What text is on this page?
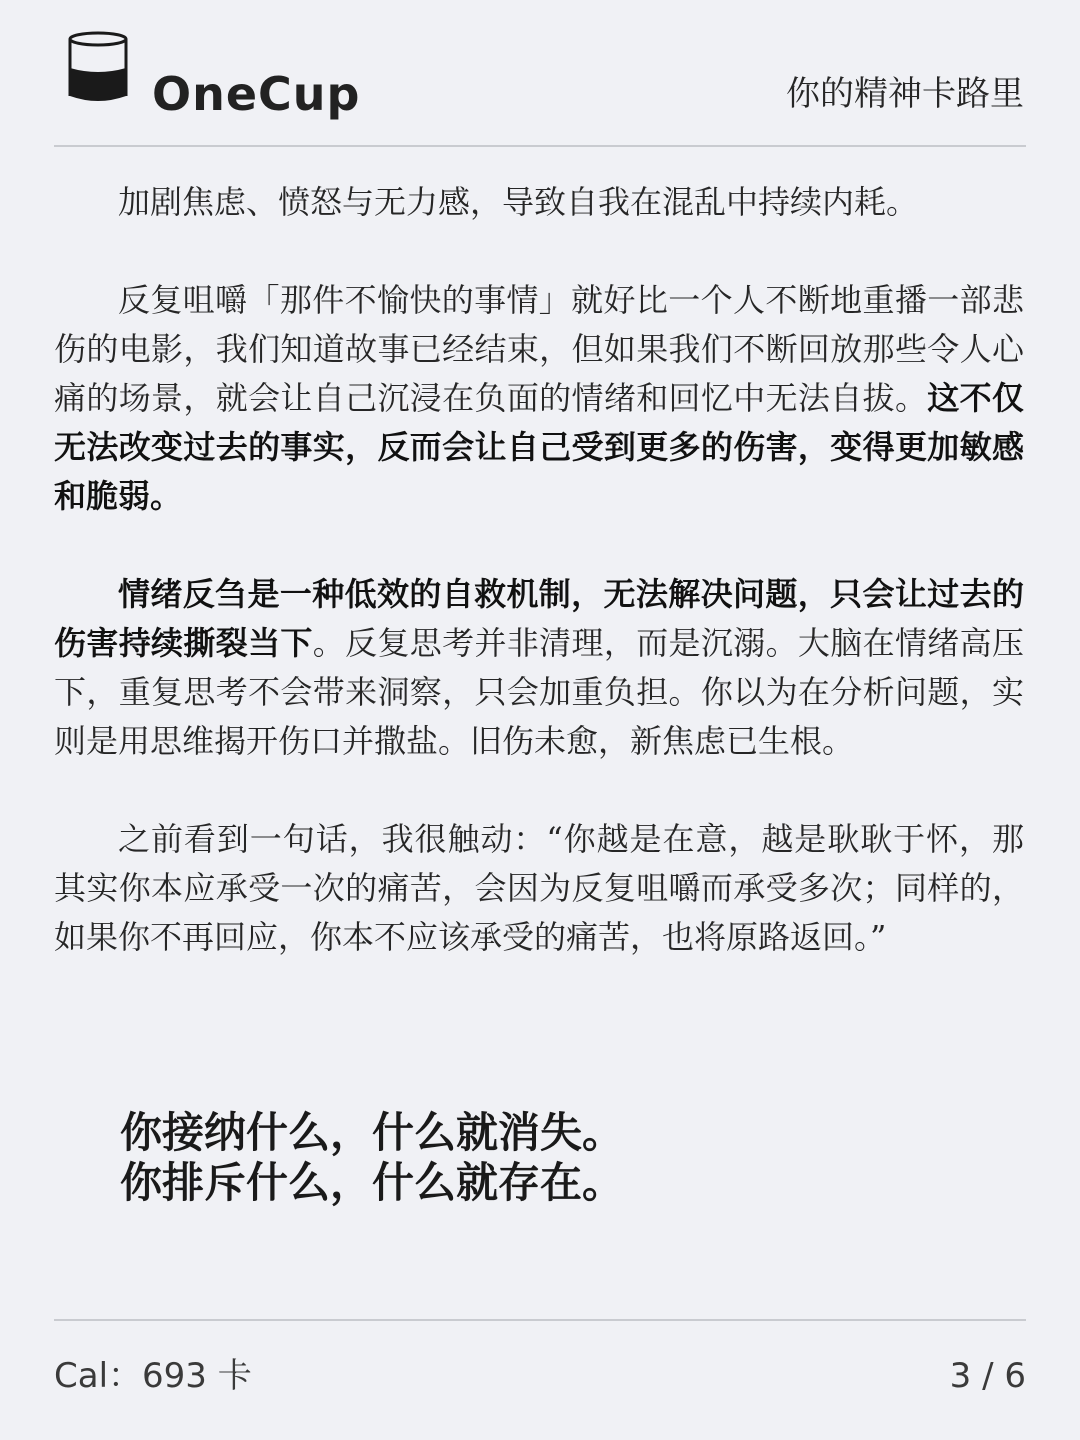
OneCup	你的精神卡路里

加剧焦虑、愤怒与无力感，导致自我在混乱中持续内耗。

反复咀嚼「那件不愉快的事情」就好比一个人不断地重播一部悲伤的电影，我们知道故事已经结束，但如果我们不断回放那些令人心痛的场景，就会让自己沉浸在负面的情绪和回忆中无法自拔。这不仅无法改变过去的事实，反而会让自己受到更多的伤害，变得更加敏感和脆弱。

情绪反刍是一种低效的自救机制，无法解决问题，只会让过去的伤害持续撕裂当下。反复思考并非清理，而是沉溺。大脑在情绪高压下，重复思考不会带来洞察，只会加重负担。你以为在分析问题，实则是用思维揭开伤口并撒盐。旧伤未愈，新焦虑已生根。

之前看到一句话，我很触动：“你越是在意，越是耿耿于怀，那其实你本应承受一次的痛苦，会因为反复咀嚼而承受多次；同样的，如果你不再回应，你本不应该承受的痛苦，也将原路返回。”

你接纳什么，什么就消失。
你排斥什么，什么就存在。
Cal：693 卡	3 / 6
